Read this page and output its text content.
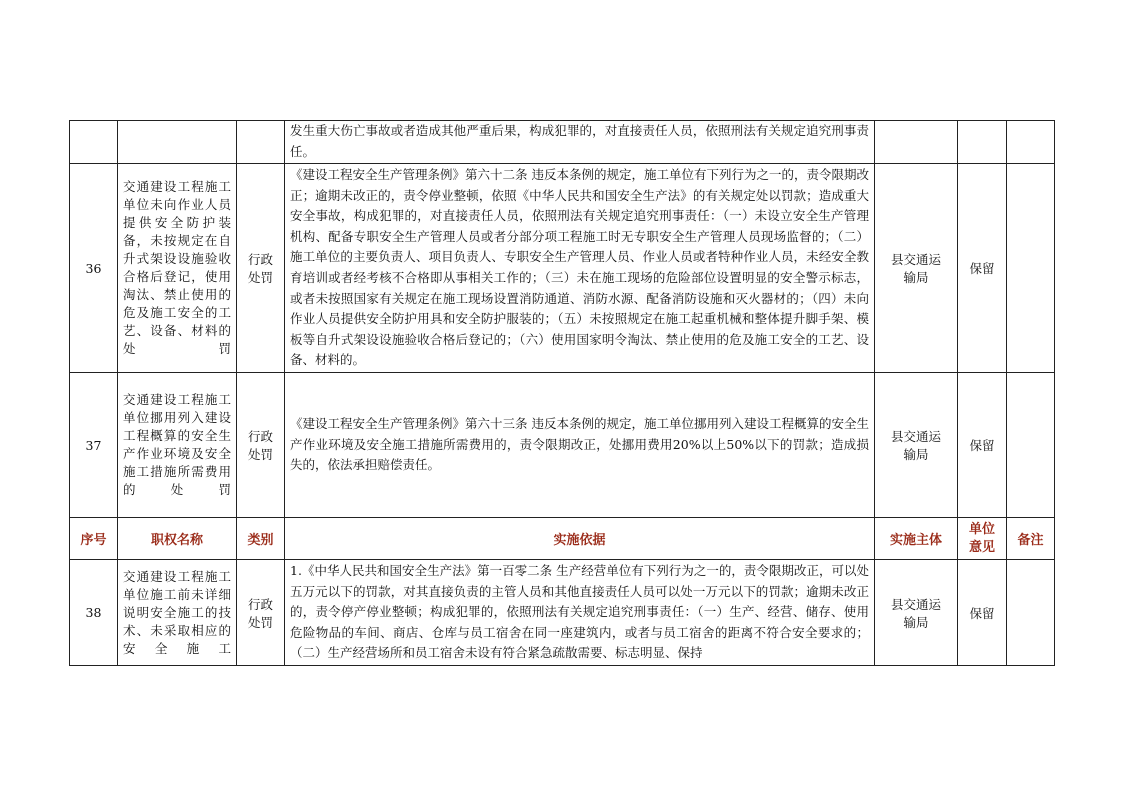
			发生重大伤亡事故或者造成其他严重后果，构成犯罪的，对直接责任人员，依照刑法有关规定追究刑事责任。			
36	交通建设工程施工单位未向作业人员提供安全防护装备，未按规定在自升式架设设施验收合格后登记，使用淘汰、禁止使用的危及施工安全的工艺、设备、材料的处罚	行政处罚	《建设工程安全生产管理条例》第六十二条 违反本条例的规定，施工单位有下列行为之一的，责令限期改正；逾期未改正的，责令停业整顿，依照《中华人民共和国安全生产法》的有关规定处以罚款；造成重大安全事故，构成犯罪的，对直接责任人员，依照刑法有关规定追究刑事责任：（一）未设立安全生产管理机构、配备专职安全生产管理人员或者分部分项工程施工时无专职安全生产管理人员现场监督的；（二）施工单位的主要负责人、项目负责人、专职安全生产管理人员、作业人员或者特种作业人员，未经安全教育培训或者经考核不合格即从事相关工作的；（三）未在施工现场的危险部位设置明显的安全警示标志，或者未按照国家有关规定在施工现场设置消防通道、消防水源、配备消防设施和灭火器材的；（四）未向作业人员提供安全防护用具和安全防护服装的；（五）未按照规定在施工起重机械和整体提升脚手架、模板等自升式架设设施验收合格后登记的；（六）使用国家明令淘汰、禁止使用的危及施工安全的工艺、设备、材料的。	县交通运输局	保留	
37	交通建设工程施工单位挪用列入建设工程概算的安全生产作业环境及安全施工措施所需费用的处罚	行政处罚	《建设工程安全生产管理条例》第六十三条 违反本条例的规定，施工单位挪用列入建设工程概算的安全生产作业环境及安全施工措施所需费用的，责令限期改正，处挪用费用20%以上50%以下的罚款；造成损失的，依法承担赔偿责任。	县交通运输局	保留	
序号	职权名称	类别	实施依据	实施主体	单位意见	备注
38	交通建设工程施工单位施工前未详细说明安全施工的技术、未采取相应的安全施工	行政处罚	1.《中华人民共和国安全生产法》第一百零二条 生产经营单位有下列行为之一的，责令限期改正，可以处五万元以下的罚款，对其直接负责的主管人员和其他直接责任人员可以处一万元以下的罚款；逾期未改正的，责令停产停业整顿；构成犯罪的，依照刑法有关规定追究刑事责任：（一）生产、经营、储存、使用危险物品的车间、商店、仓库与员工宿舍在同一座建筑内，或者与员工宿舍的距离不符合安全要求的；（二）生产经营场所和员工宿舍未设有符合紧急疏散需要、标志明显、保持	县交通运输局	保留	
